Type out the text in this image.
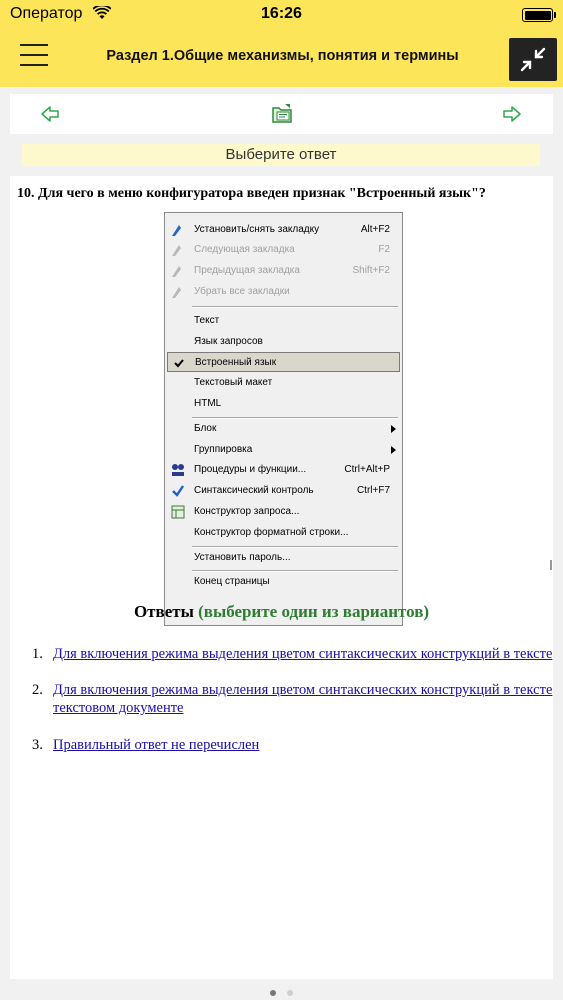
Оператор	16:26
Раздел 1.Общие механизмы, понятия и термины
Выберите ответ
10. Для чего в меню конфигуратора введен признак "Встроенный язык"?
Установить/снять закладку	Alt+F2
Следующая закладка	F2
Предыдущая закладка	Shift+F2
Убрать все закладки
Текст
Язык запросов
Встроенный язык
Текстовый макет
HTML
Блок
Группировка
Процедуры и функции...	Ctrl+Alt+P
Синтаксический контроль	Ctrl+F7
Конструктор запроса...
Конструктор форматной строки...
Установить пароль...
Конец страницы
Ответы (выберите один из вариантов)
1. Для включения режима выделения цветом синтаксических конструкций в тексте
2. Для включения режима выделения цветом синтаксических конструкций в тексте
текстовом документе
3. Правильный ответ не перечислен
